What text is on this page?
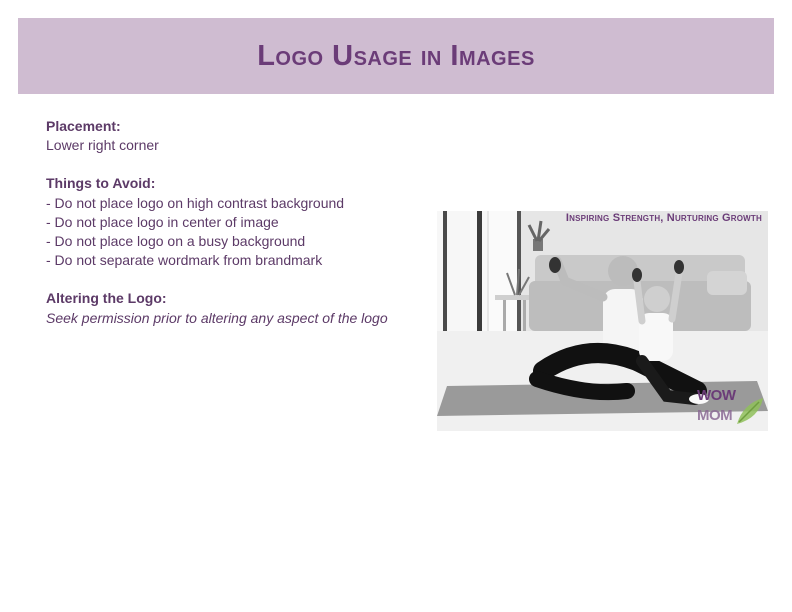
Logo Usage in Images
Placement:
Lower right corner
Things to Avoid:
- Do not place logo on high contrast background
- Do not place logo in center of image
- Do not place logo on a busy background
- Do not separate wordmark from brandmark
Altering the Logo:
Seek permission prior to altering any aspect of the logo
Inspiring Strength, Nurturing Growth
WOW
MOM
